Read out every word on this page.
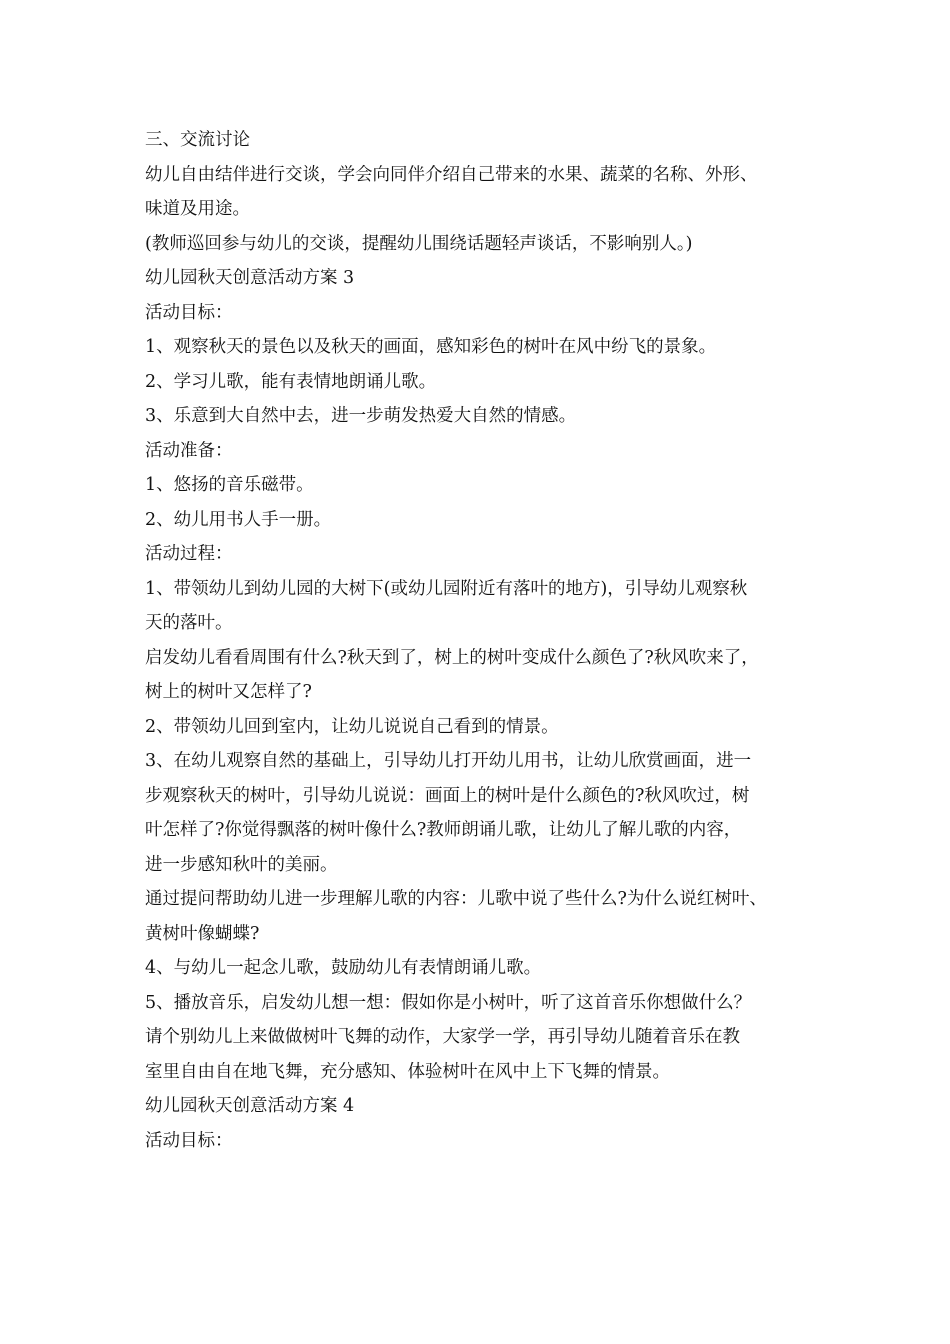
三、交流讨论

幼儿自由结伴进行交谈，学会向同伴介绍自己带来的水果、蔬菜的名称、外形、

味道及用途。

(教师巡回参与幼儿的交谈，提醒幼儿围绕话题轻声谈话，不影响别人。)

幼儿园秋天创意活动方案 3

活动目标：

1、观察秋天的景色以及秋天的画面，感知彩色的树叶在风中纷飞的景象。

2、学习儿歌，能有表情地朗诵儿歌。

3、乐意到大自然中去，进一步萌发热爱大自然的情感。

活动准备：

1、悠扬的音乐磁带。

2、幼儿用书人手一册。

活动过程：

1、带领幼儿到幼儿园的大树下(或幼儿园附近有落叶的地方)，引导幼儿观察秋

天的落叶。

启发幼儿看看周围有什么?秋天到了，树上的树叶变成什么颜色了?秋风吹来了，

树上的树叶又怎样了?

2、带领幼儿回到室内，让幼儿说说自己看到的情景。

3、在幼儿观察自然的基础上，引导幼儿打开幼儿用书，让幼儿欣赏画面，进一

步观察秋天的树叶，引导幼儿说说：画面上的树叶是什么颜色的?秋风吹过，树

叶怎样了?你觉得飘落的树叶像什么?教师朗诵儿歌，让幼儿了解儿歌的内容，

进一步感知秋叶的美丽。

通过提问帮助幼儿进一步理解儿歌的内容：儿歌中说了些什么?为什么说红树叶、

黄树叶像蝴蝶?

4、与幼儿一起念儿歌，鼓励幼儿有表情朗诵儿歌。

5、播放音乐，启发幼儿想一想：假如你是小树叶，听了这首音乐你想做什么？

请个别幼儿上来做做树叶飞舞的动作，大家学一学，再引导幼儿随着音乐在教

室里自由自在地飞舞，充分感知、体验树叶在风中上下飞舞的情景。

幼儿园秋天创意活动方案 4

活动目标：
